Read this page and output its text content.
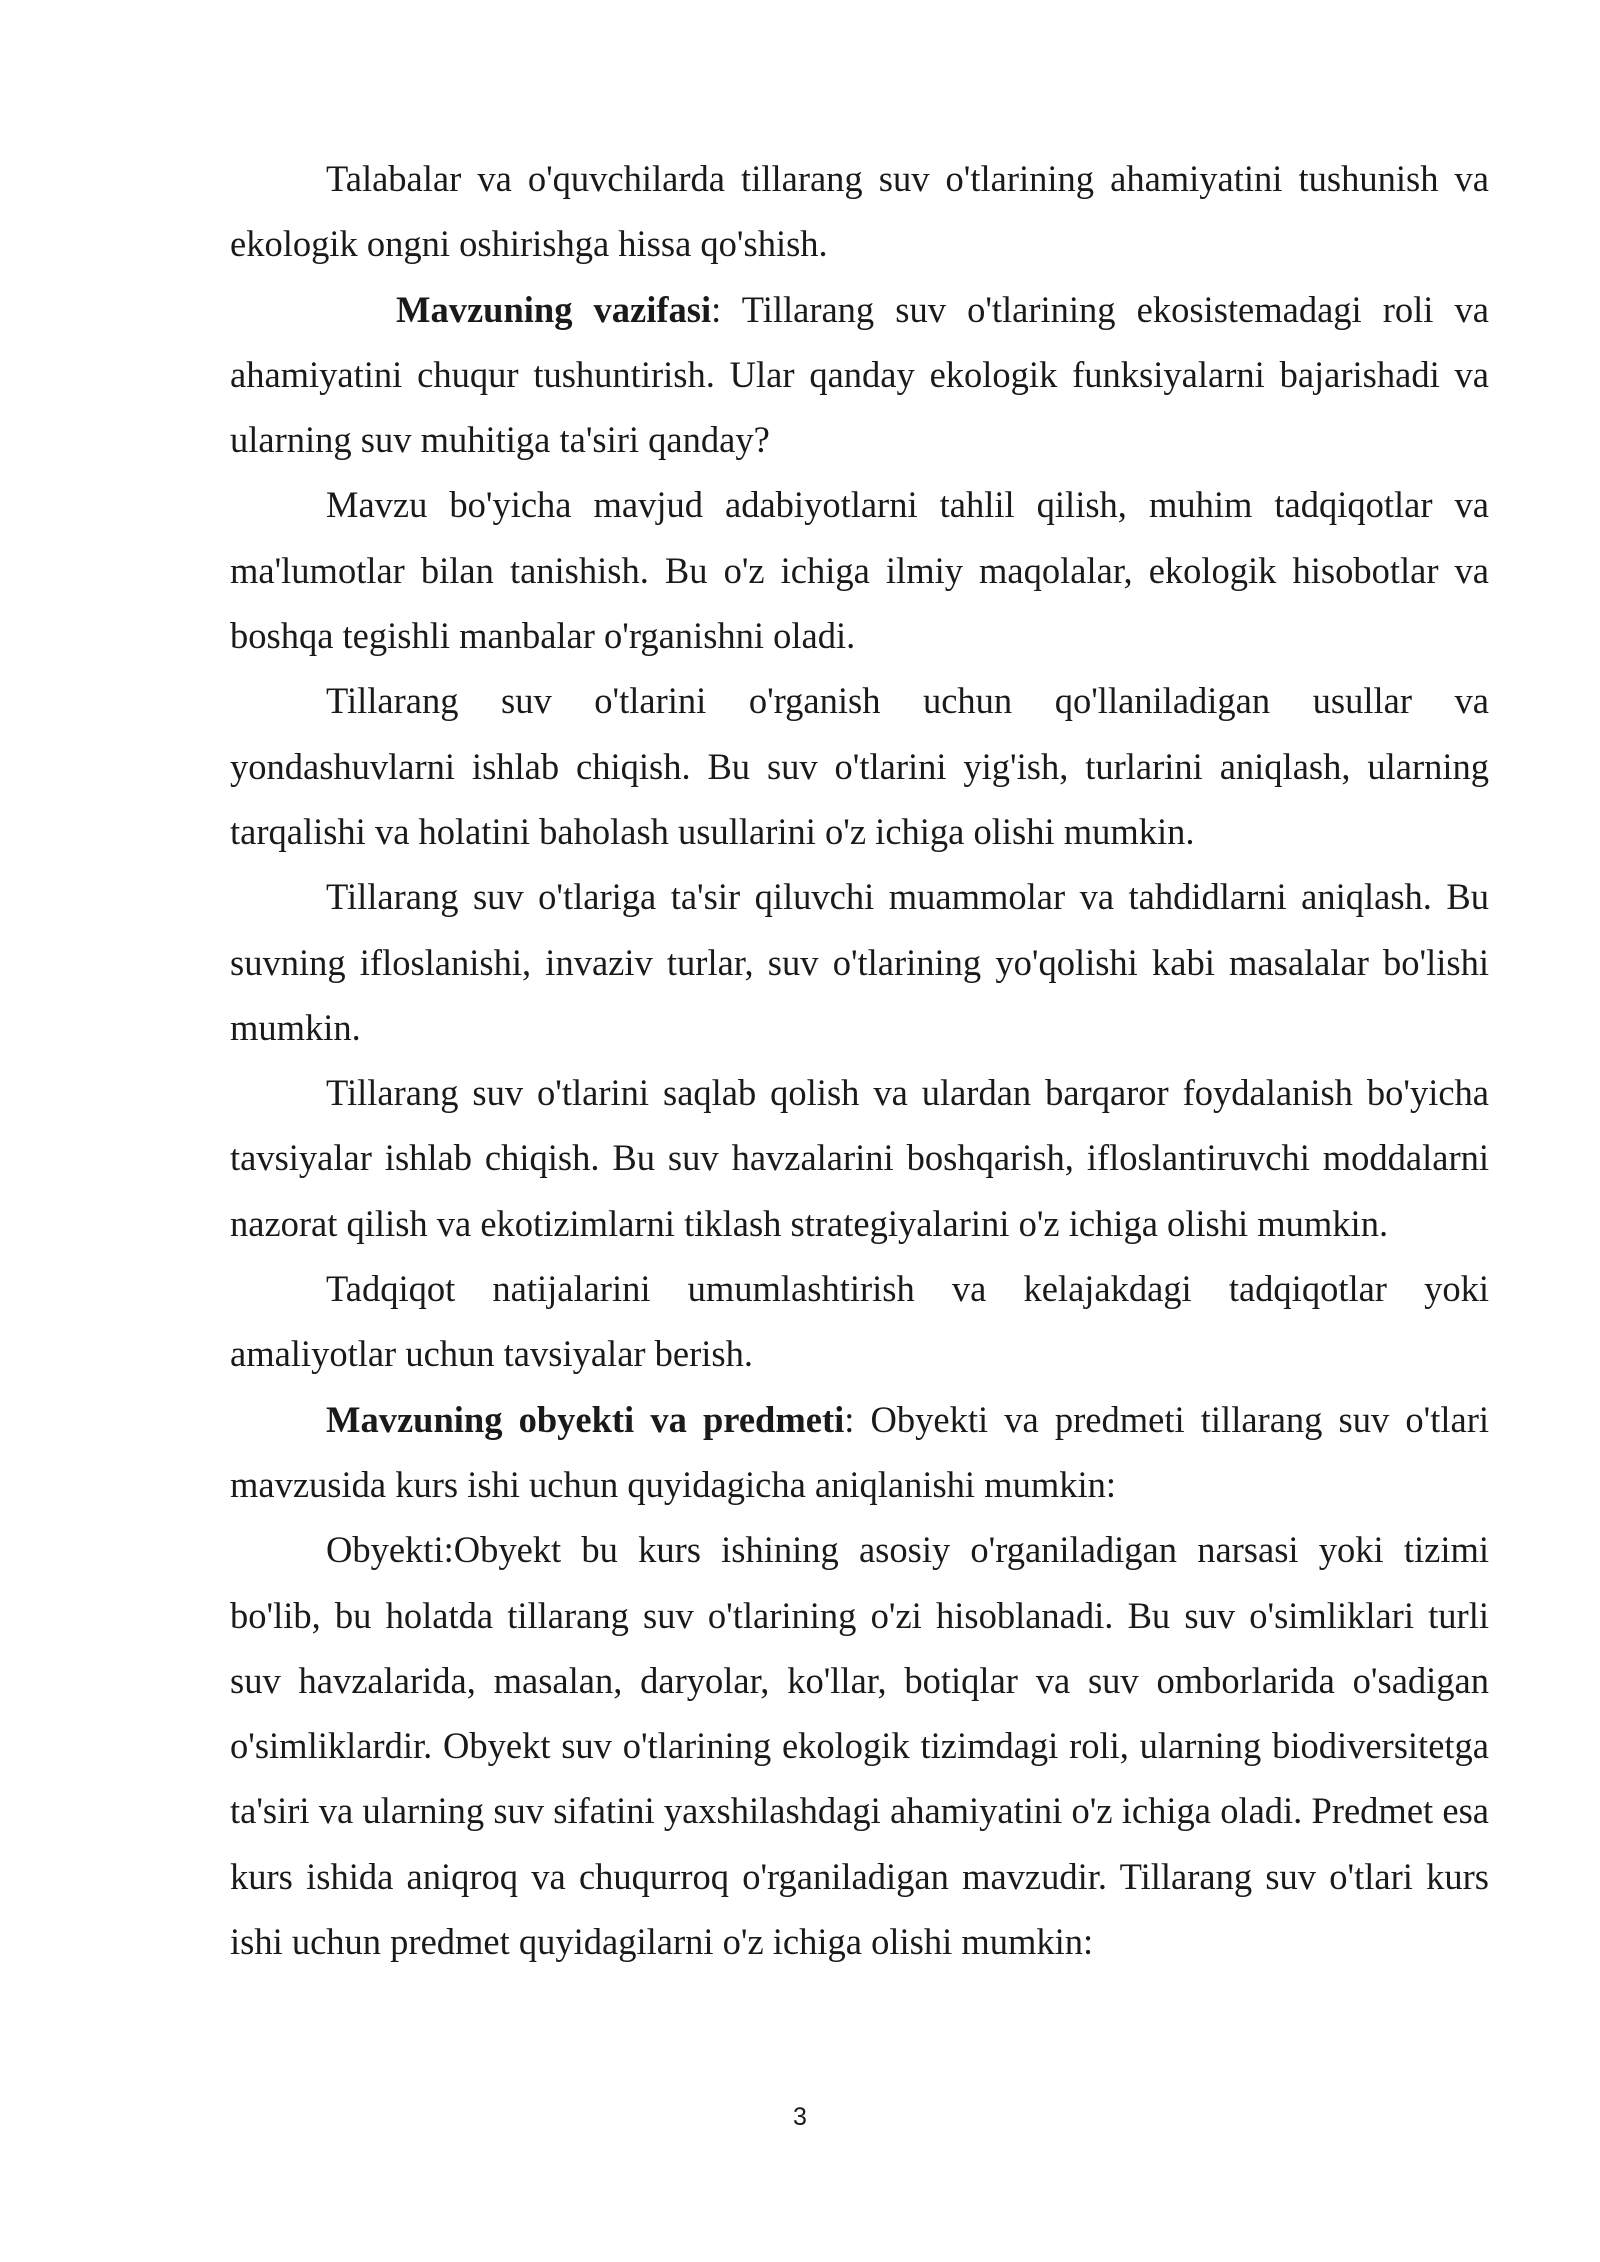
Talabalar va o'quvchilarda tillarang suv o'tlarining ahamiyatini tushunish va ekologik ongni oshirishga hissa qo'shish.

Mavzuning vazifasi: Tillarang suv o'tlarining ekosistemadagi roli va ahamiyatini chuqur tushuntirish. Ular qanday ekologik funksiyalarni bajarishadi va ularning suv muhitiga ta'siri qanday?

Mavzu bo'yicha mavjud adabiyotlarni tahlil qilish, muhim tadqiqotlar va ma'lumotlar bilan tanishish. Bu o'z ichiga ilmiy maqolalar, ekologik hisobotlar va boshqa tegishli manbalar o'rganishni oladi.

Tillarang suv o'tlarini o'rganish uchun qo'llaniladigan usullar va yondashuvlarni ishlab chiqish. Bu suv o'tlarini yig'ish, turlarini aniqlash, ularning tarqalishi va holatini baholash usullarini o'z ichiga olishi mumkin.

Tillarang suv o'tlariga ta'sir qiluvchi muammolar va tahdidlarni aniqlash. Bu suvning ifloslanishi, invaziv turlar, suv o'tlarining yo'qolishi kabi masalalar bo'lishi mumkin.

Tillarang suv o'tlarini saqlab qolish va ulardan barqaror foydalanish bo'yicha tavsiyalar ishlab chiqish. Bu suv havzalarini boshqarish, ifloslantiruvchi moddalarni nazorat qilish va ekotizimlarni tiklash strategiyalarini o'z ichiga olishi mumkin.

Tadqiqot natijalarini umumlashtirish va kelajakdagi tadqiqotlar yoki amaliyotlar uchun tavsiyalar berish.

Mavzuning obyekti va predmeti: Obyekti va predmeti tillarang suv o'tlari mavzusida kurs ishi uchun quyidagicha aniqlanishi mumkin:

Obyekti:Obyekt bu kurs ishining asosiy o'rganiladigan narsasi yoki tizimi bo'lib, bu holatda tillarang suv o'tlarining o'zi hisoblanadi. Bu suv o'simliklari turli suv havzalarida, masalan, daryolar, ko'llar, botiqlar va suv omborlarida o'sadigan o'simliklardir. Obyekt suv o'tlarining ekologik tizimdagi roli, ularning biodiversitetga ta'siri va ularning suv sifatini yaxshilashdagi ahamiyatini o'z ichiga oladi. Predmet esa kurs ishida aniqroq va chuqurroq o'rganiladigan mavzudir. Tillarang suv o'tlari kurs ishi uchun predmet quyidagilarni o'z ichiga olishi mumkin:

3
